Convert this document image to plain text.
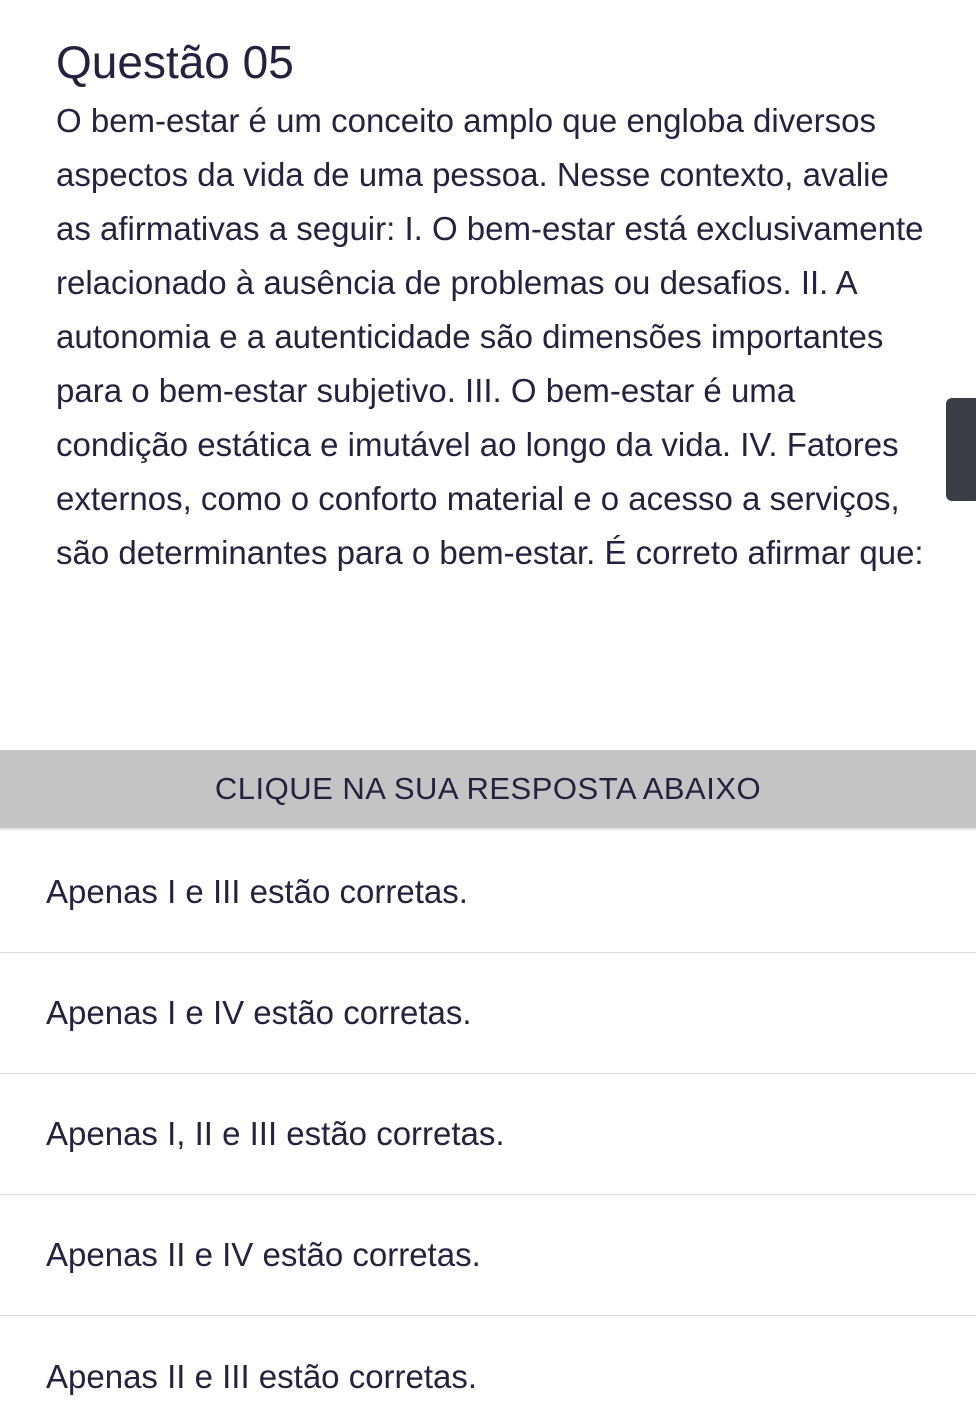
Questão 05

O bem-estar é um conceito amplo que engloba diversos aspectos da vida de uma pessoa. Nesse contexto, avalie as afirmativas a seguir: I. O bem-estar está exclusivamente relacionado à ausência de problemas ou desafios. II. A autonomia e a autenticidade são dimensões importantes para o bem-estar subjetivo. III. O bem-estar é uma condição estática e imutável ao longo da vida. IV. Fatores externos, como o conforto material e o acesso a serviços, são determinantes para o bem-estar. É correto afirmar que:

CLIQUE NA SUA RESPOSTA ABAIXO
Apenas I e III estão corretas.
Apenas I e IV estão corretas.
Apenas I, II e III estão corretas.
Apenas II e IV estão corretas.
Apenas II e III estão corretas.
